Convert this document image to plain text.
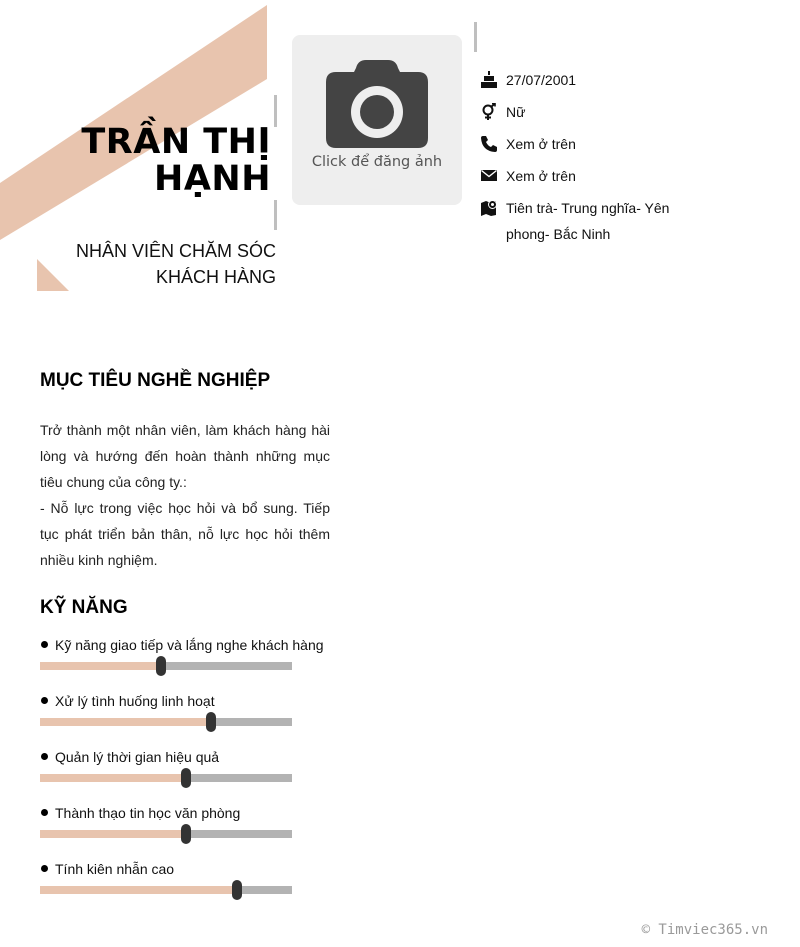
TRẦN THỊ
HẠNH
NHÂN VIÊN CHĂM SÓC KHÁCH HÀNG
Click để đăng ảnh
27/07/2001
Nữ
Xem ở trên
Xem ở trên
Tiên trà- Trung nghĩa- Yên phong- Bắc Ninh
MỤC TIÊU NGHỀ NGHIỆP

Trở thành một nhân viên, làm khách hàng hài lòng và hướng đến hoàn thành những mục tiêu chung của công ty.:

- Nỗ lực trong việc học hỏi và bổ sung. Tiếp tục phát triển bản thân, nỗ lực học hỏi thêm nhiều kinh nghiệm.

KỸ NĂNG
Kỹ năng giao tiếp và lắng nghe khách hàng
Xử lý tình huống linh hoạt
Quản lý thời gian hiệu quả
Thành thạo tin học văn phòng
Tính kiên nhẫn cao
© Timviec365.vn
